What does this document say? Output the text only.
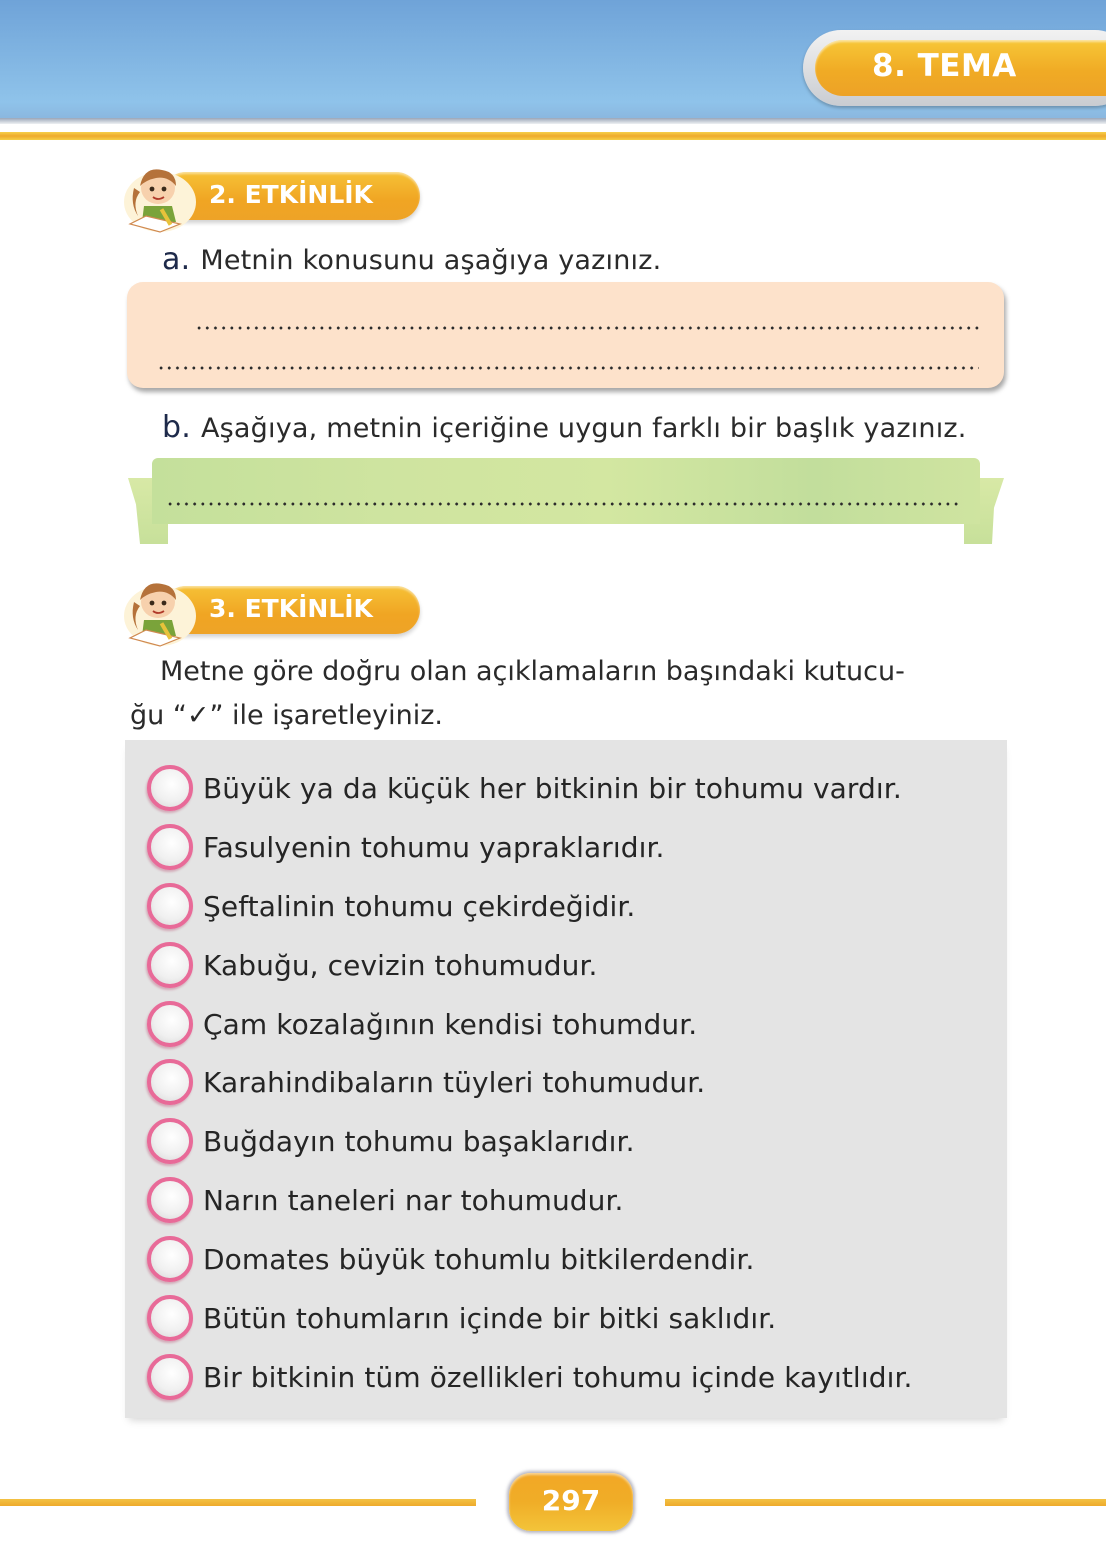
8. TEMA
2. ETKİNLİK
a. Metnin konusunu aşağıya yazınız.
b. Aşağıya, metnin içeriğine uygun farklı bir başlık yazınız.
3. ETKİNLİK
Metne göre doğru olan açıklamaların başındaki kutucu-
ğu “✓” ile işaretleyiniz.
Büyük ya da küçük her bitkinin bir tohumu vardır.
Fasulyenin tohumu yapraklarıdır.
Şeftalinin tohumu çekirdeğidir.
Kabuğu, cevizin tohumudur.
Çam kozalağının kendisi tohumdur.
Karahindibaların tüyleri tohumudur.
Buğdayın tohumu başaklarıdır.
Narın taneleri nar tohumudur.
Domates büyük tohumlu bitkilerdendir.
Bütün tohumların içinde bir bitki saklıdır.
Bir bitkinin tüm özellikleri tohumu içinde kayıtlıdır.
297
